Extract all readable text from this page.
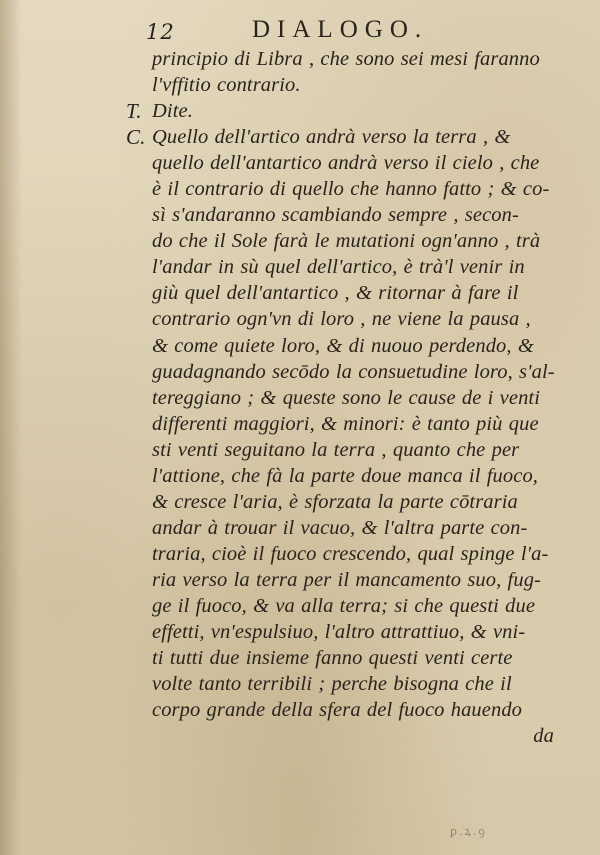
12	DIALOGO.
principio di Libra , che sono sei mesi faranno
l'vffitio contrario.
T. Dite.
C. Quello dell'artico andrà verso la terra , &
quello dell'antartico andrà verso il cielo , che
è il contrario di quello che hanno fatto ; & co-
sì s'andaranno scambiando sempre , secon-
do che il Sole farà le mutationi ogn'anno , trà
l'andar in sù quel dell'artico, è trà'l venir in
giù quel dell'antartico , & ritornar à fare il
contrario ogn'vn di loro , ne viene la pausa ,
& come quiete loro, & di nuouo perdendo, &
guadagnando secōdo la consuetudine loro, s'al-
tereggiano ; & queste sono le cause de i venti
differenti maggiori, & minori: è tanto più que
sti venti seguitano la terra , quanto che per
l'attione, che fà la parte doue manca il fuoco,
& cresce l'aria, è sforzata la parte cōtraria
andar à trouar il vacuo, & l'altra parte con-
traria, cioè il fuoco crescendo, qual spinge l'a-
ria verso la terra per il mancamento suo, fug-
ge il fuoco, & va alla terra; si che questi due
effetti, vn'espulsiuo, l'altro attrattiuo, & vni-
ti tutti due insieme fanno questi venti certe
volte tanto terribili ; perche bisogna che il
corpo grande della sfera del fuoco hauendo
da
ꝑ.ꝝ.ꝯ
